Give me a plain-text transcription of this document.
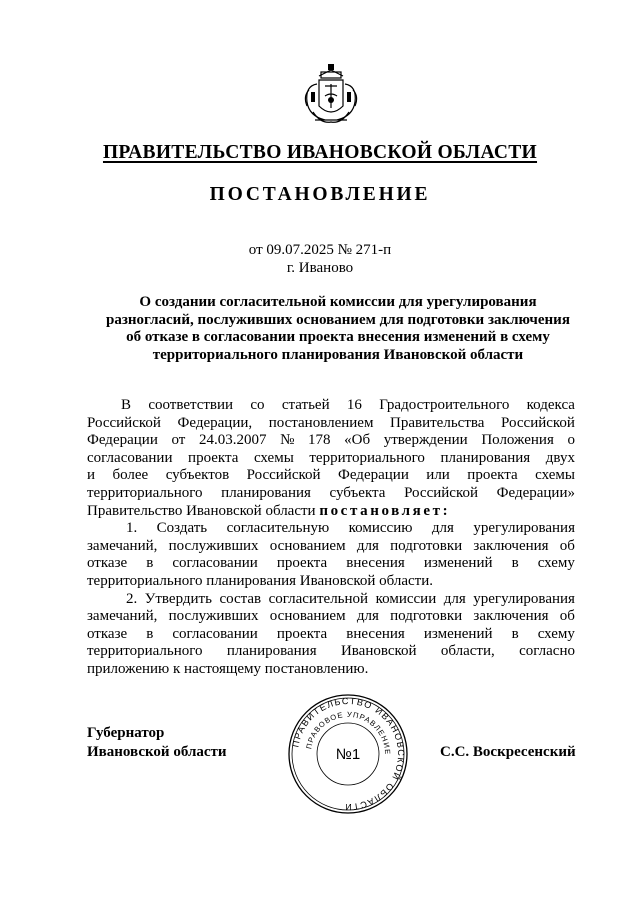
ПРАВИТЕЛЬСТВО ИВАНОВСКОЙ ОБЛАСТИ
ПОСТАНОВЛЕНИЕ
от 09.07.2025 № 271-п
г. Иваново
О создании согласительной комиссии для урегулирования
разногласий, послуживших основанием для подготовки заключения
об отказе в согласовании проекта внесения изменений в схему
территориального планирования Ивановской области
В соответствии со статьей 16 Градостроительного кодекса
Российской Федерации, постановлением Правительства Российской
Федерации от 24.03.2007 № 178 «Об утверждении Положения о
согласовании проекта схемы территориального планирования двух
и более субъектов Российской Федерации или проекта схемы
территориального планирования субъекта Российской Федерации»
Правительство Ивановской области постановляет:
1. Создать согласительную комиссию для урегулирования
замечаний, послуживших основанием для подготовки заключения об
отказе в согласовании проекта внесения изменений в схему
территориального планирования Ивановской области.
2. Утвердить состав согласительной комиссии для урегулирования
замечаний, послуживших основанием для подготовки заключения об
отказе в согласовании проекта внесения изменений в схему
территориального планирования Ивановской области, согласно
приложению к настоящему постановлению.
Губернатор
Ивановской области	С.С. Воскресенский
ПРАВИТЕЛЬСТВО ИВАНОВСКОЙ ОБЛАСТИ
ПРАВОВОЕ УПРАВЛЕНИЕ
№1
